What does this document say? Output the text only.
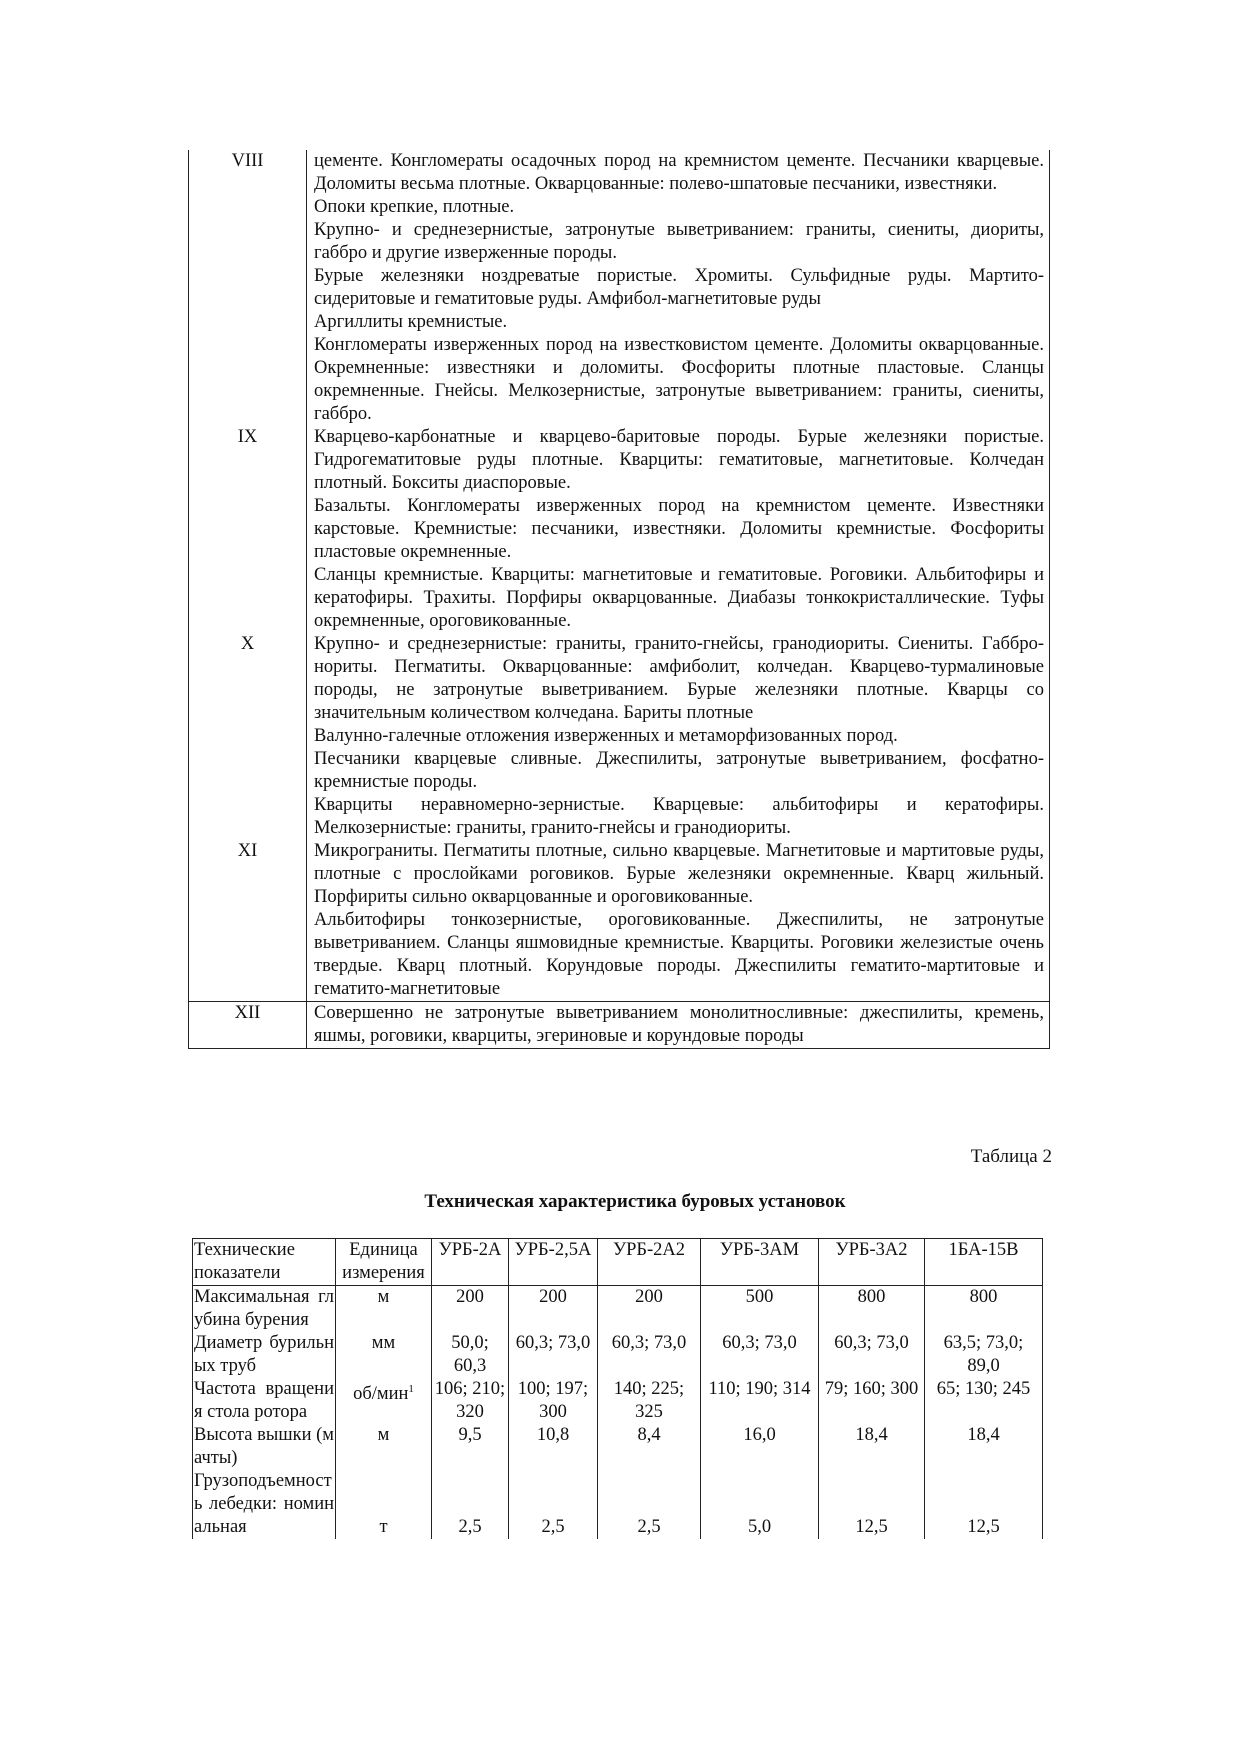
VIII	цементе. Конгломераты осадочных пород на кремнистом цементе. Песчаники кварцевые. Доломиты весьма плотные. Окварцованные: полево-шпатовые песчаники, известняки.

Опоки крепкие, плотные.

Крупно- и среднезернистые, затронутые выветриванием: граниты, сиениты, диориты, габбро и другие изверженные породы.

Бурые железняки ноздреватые пористые. Хромиты. Сульфидные руды. Мартито-сидеритовые и гематитовые руды. Амфибол-магнетитовые руды

Аргиллиты кремнистые.

Конгломераты изверженных пород на известковистом цементе. Доломиты окварцованные. Окремненные: известняки и доломиты. Фосфориты плотные пластовые. Сланцы окремненные. Гнейсы. Мелкозернистые, затронутые выветриванием: граниты, сиениты, габбро.

IX	Кварцево-карбонатные и кварцево-баритовые породы. Бурые железняки пористые. Гидрогематитовые руды плотные. Кварциты: гематитовые, магнетитовые. Колчедан плотный. Бокситы диаспоровые.

Базальты. Конгломераты изверженных пород на кремнистом цементе. Известняки карстовые. Кремнистые: песчаники, известняки. Доломиты кремнистые. Фосфориты пластовые окремненные.

Сланцы кремнистые. Кварциты: магнетитовые и гематитовые. Роговики. Альбитофиры и кератофиры. Трахиты. Порфиры окварцованные. Диабазы тонкокристаллические. Туфы окремненные, ороговикованные.

X	Крупно- и среднезернистые: граниты, гранито-гнейсы, гранодиориты. Сиениты. Габбро-нориты. Пегматиты. Окварцованные: амфиболит, колчедан. Кварцево-турмалиновые породы, не затронутые выветриванием. Бурые железняки плотные. Кварцы со значительным количеством колчедана. Бариты плотные

Валунно-галечные отложения изверженных и метаморфизованных пород.

Песчаники кварцевые сливные. Джеспилиты, затронутые выветриванием, фосфатно-кремнистые породы.

Кварциты неравномерно-зернистые. Кварцевые: альбитофиры и кератофиры. Мелкозернистые: граниты, гранито-гнейсы и гранодиориты.

XI	Микрограниты. Пегматиты плотные, сильно кварцевые. Магнетитовые и мартитовые руды, плотные с прослойками роговиков. Бурые железняки окремненные. Кварц жильный. Порфириты сильно окварцованные и ороговикованные.

Альбитофиры тонкозернистые, ороговикованные. Джеспилиты, не затронутые выветриванием. Сланцы яшмовидные кремнистые. Кварциты. Роговики железистые очень твердые. Кварц плотный. Корундовые породы. Джеспилиты гематито-мартитовые и гематито-магнетитовые

XII	Совершенно не затронутые выветриванием монолитносливные: джеспилиты, кремень, яшмы, роговики, кварциты, эгериновые и корундовые породы

Таблица 2
Техническая характеристика буровых установок
Технические показатели	Единица измерения	УРБ-2А	УРБ-2,5А	УРБ-2А2	УРБ-3АМ	УРБ-3А2	1БА-15В
Максимальная глубина бурения	м	200	200	200	500	800	800
Диаметр бурильных труб	мм	50,0; 60,3	60,3; 73,0	60,3; 73,0	60,3; 73,0	60,3; 73,0	63,5; 73,0; 89,0
Частота вращения стола ротора	об/мин$^1$	106; 210; 320	100; 197; 300	140; 225; 325	110; 190; 314	79; 160; 300	65; 130; 245
Высота вышки (мачты)	м	9,5	10,8	8,4	16,0	18,4	18,4
Грузоподъемность лебедки: номинальная	т	2,5	2,5	2,5	5,0	12,5	12,5
